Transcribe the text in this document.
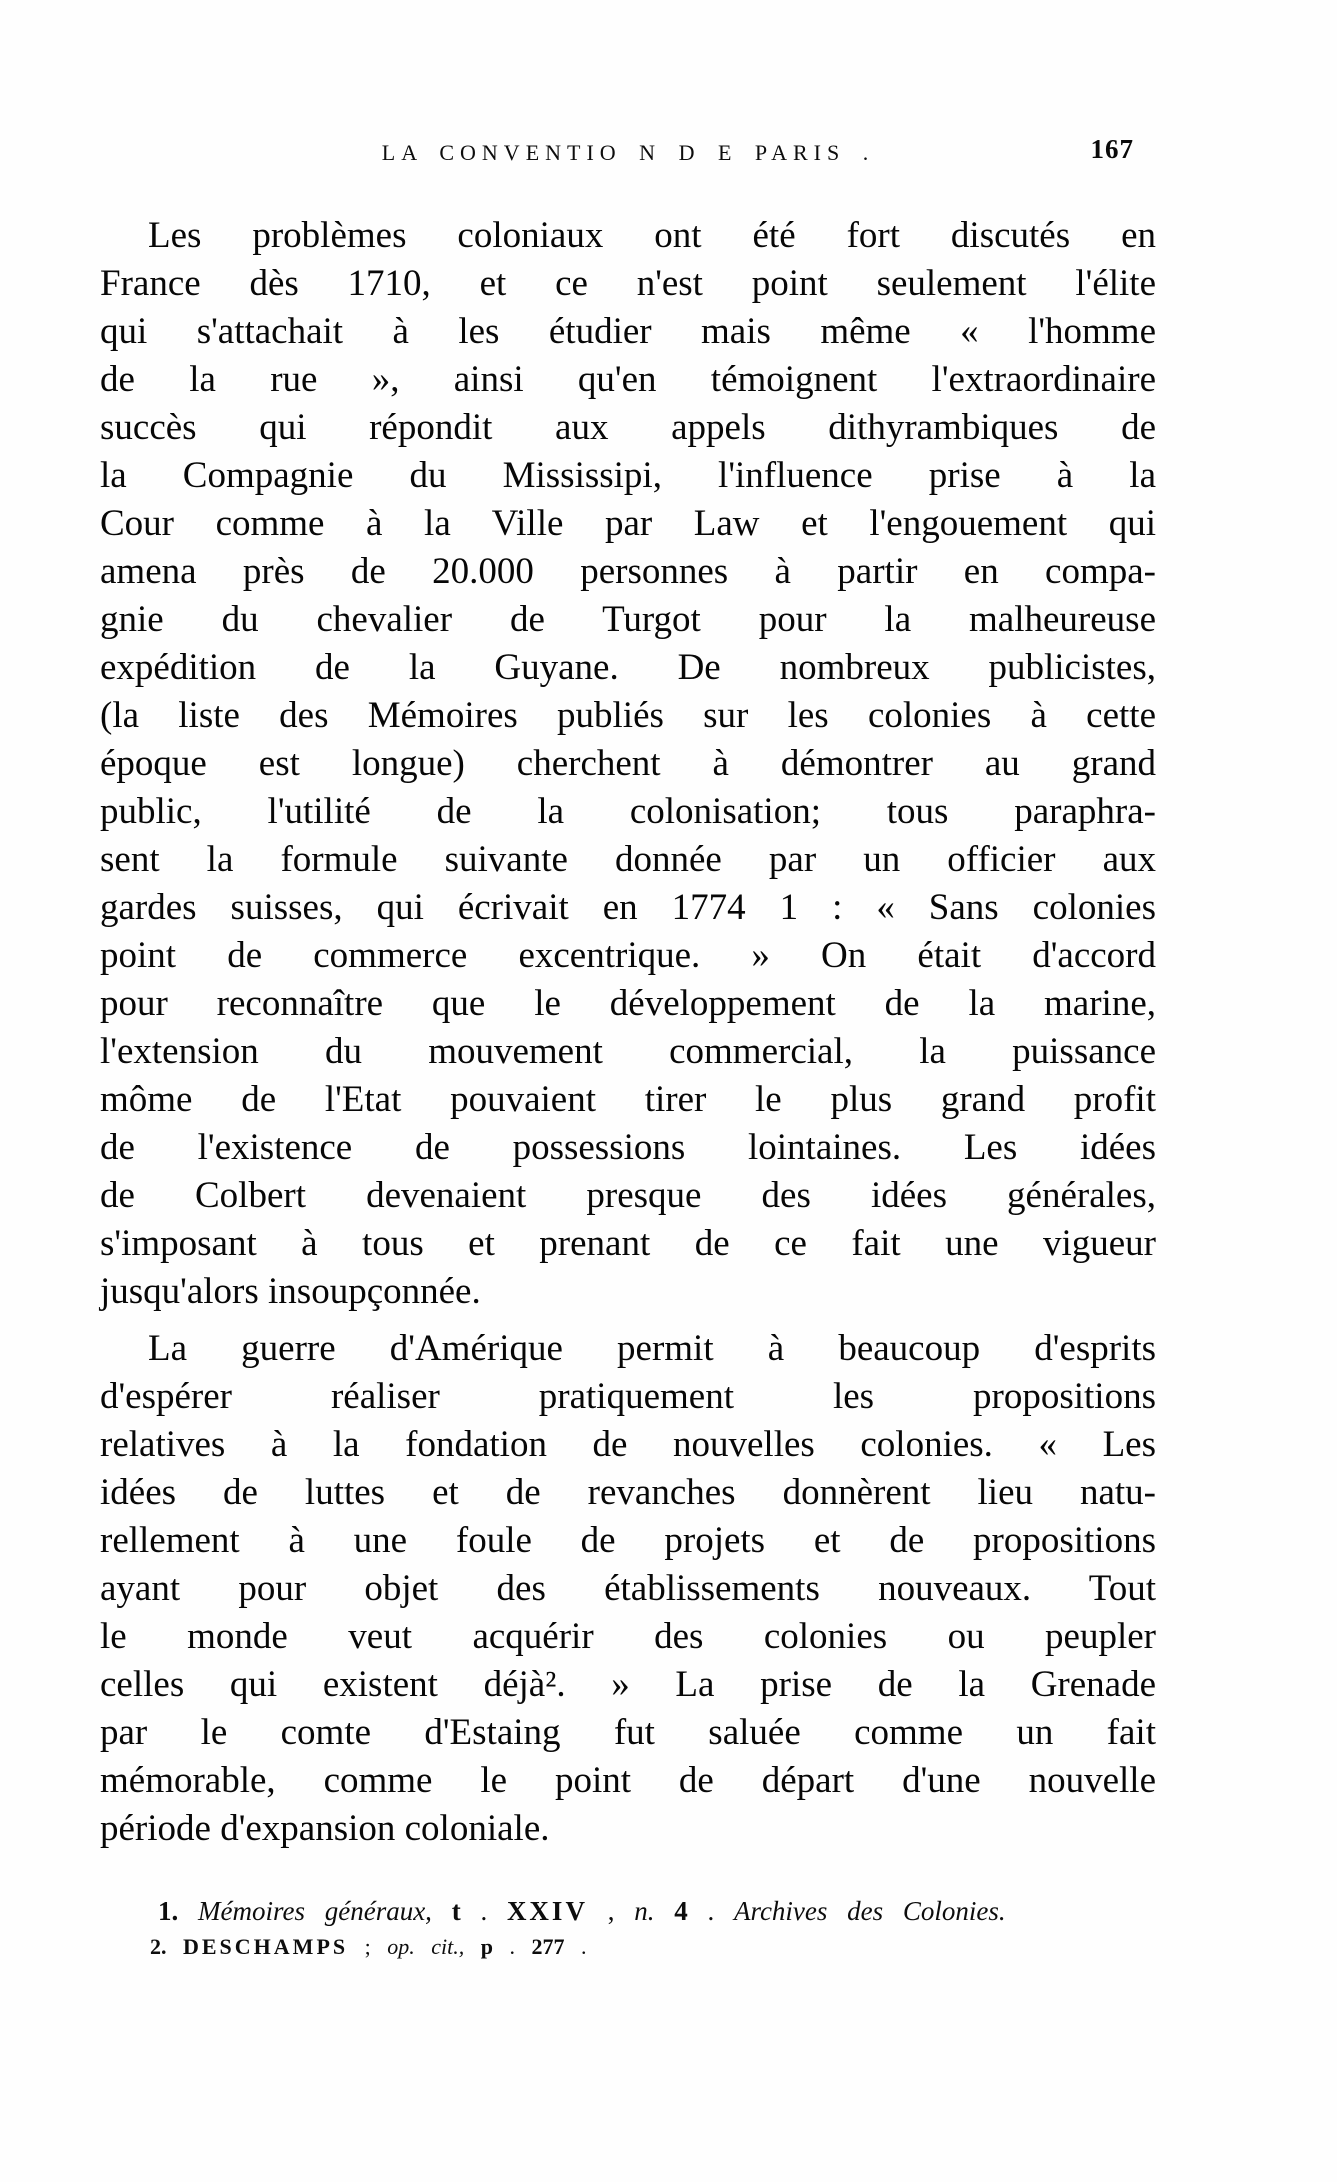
LA CONVENTIO N D E PARIS .	167
Les problèmes coloniaux ont été fort discutés en
France dès 1710, et ce n'est point seulement l'élite
qui s'attachait à les étudier mais même « l'homme
de la rue », ainsi qu'en témoignent l'extraordinaire
succès qui répondit aux appels dithyrambiques de
la Compagnie du Mississipi, l'influence prise à la
Cour comme à la Ville par Law et l'engouement qui
amena près de 20.000 personnes à partir en compa-
gnie du chevalier de Turgot pour la malheureuse
expédition de la Guyane. De nombreux publicistes,
(la liste des Mémoires publiés sur les colonies à cette
époque est longue) cherchent à démontrer au grand
public, l'utilité de la colonisation; tous paraphra-
sent la formule suivante donnée par un officier aux
gardes suisses, qui écrivait en 1774 1 : « Sans colonies
point de commerce excentrique. » On était d'accord
pour reconnaître que le développement de la marine,
l'extension du mouvement commercial, la puissance
môme de l'Etat pouvaient tirer le plus grand profit
de l'existence de possessions lointaines. Les idées
de Colbert devenaient presque des idées générales,
s'imposant à tous et prenant de ce fait une vigueur
jusqu'alors insoupçonnée.
La guerre d'Amérique permit à beaucoup d'esprits
d'espérer réaliser pratiquement les propositions
relatives à la fondation de nouvelles colonies. « Les
idées de luttes et de revanches donnèrent lieu natu-
rellement à une foule de projets et de propositions
ayant pour objet des établissements nouveaux. Tout
le monde veut acquérir des colonies ou peupler
celles qui existent déjà². » La prise de la Grenade
par le comte d'Estaing fut saluée comme un fait
mémorable, comme le point de départ d'une nouvelle
période d'expansion coloniale.
1. Mémoires généraux, t . XXIV , n. 4 . Archives des Colonies.
2. DESCHAMPS ; op. cit., p . 277 .
